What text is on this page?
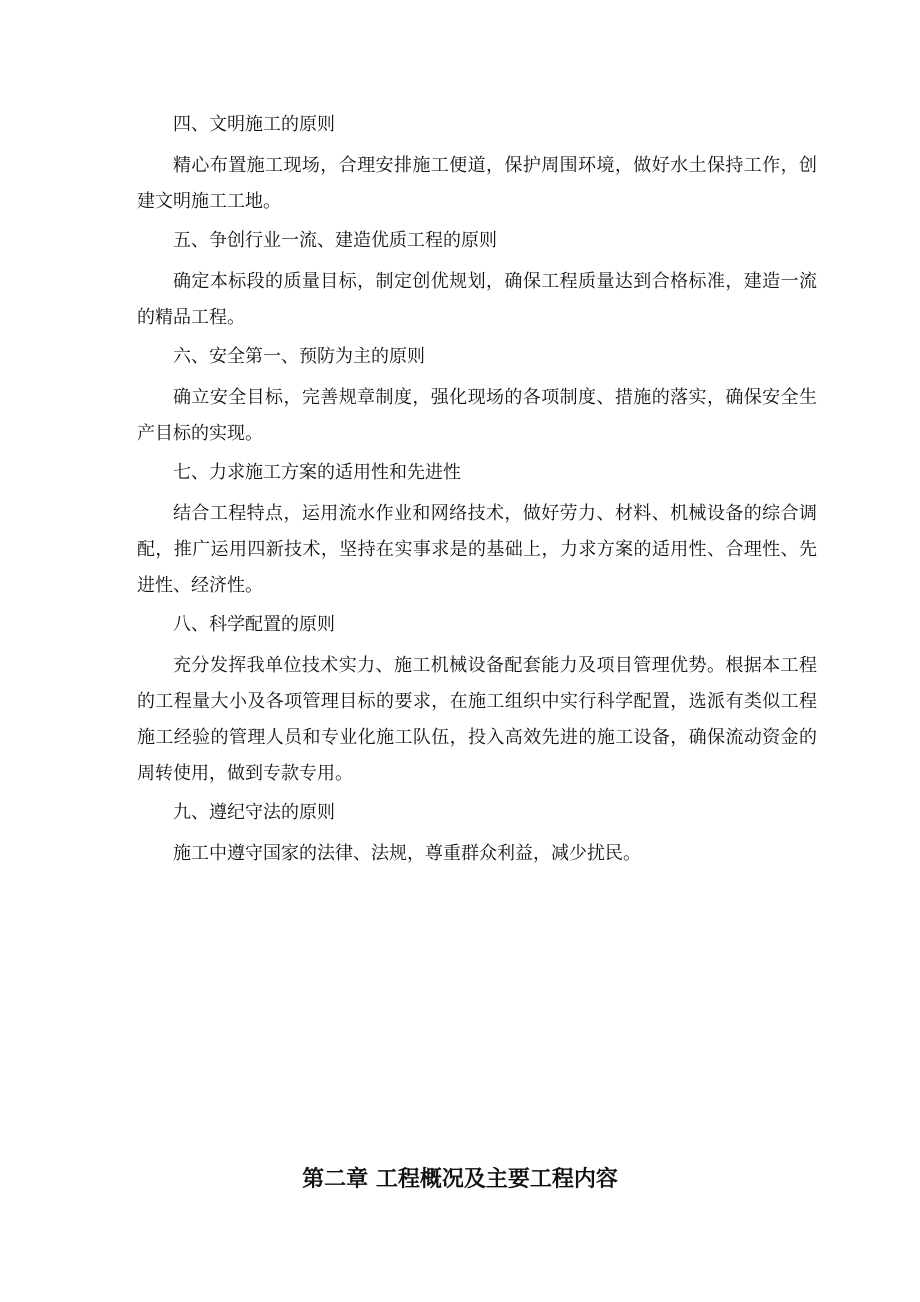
四、文明施工的原则

精心布置施工现场，合理安排施工便道，保护周围环境，做好水土保持工作，创建文明施工工地。

五、争创行业一流、建造优质工程的原则

确定本标段的质量目标，制定创优规划，确保工程质量达到合格标准，建造一流的精品工程。

六、安全第一、预防为主的原则

确立安全目标，完善规章制度，强化现场的各项制度、措施的落实，确保安全生产目标的实现。

七、力求施工方案的适用性和先进性

结合工程特点，运用流水作业和网络技术，做好劳力、材料、机械设备的综合调配，推广运用四新技术，坚持在实事求是的基础上，力求方案的适用性、合理性、先进性、经济性。

八、科学配置的原则

充分发挥我单位技术实力、施工机械设备配套能力及项目管理优势。根据本工程的工程量大小及各项管理目标的要求，在施工组织中实行科学配置，选派有类似工程施工经验的管理人员和专业化施工队伍，投入高效先进的施工设备，确保流动资金的周转使用，做到专款专用。

九、遵纪守法的原则

施工中遵守国家的法律、法规，尊重群众利益，减少扰民。

第二章 工程概况及主要工程内容
